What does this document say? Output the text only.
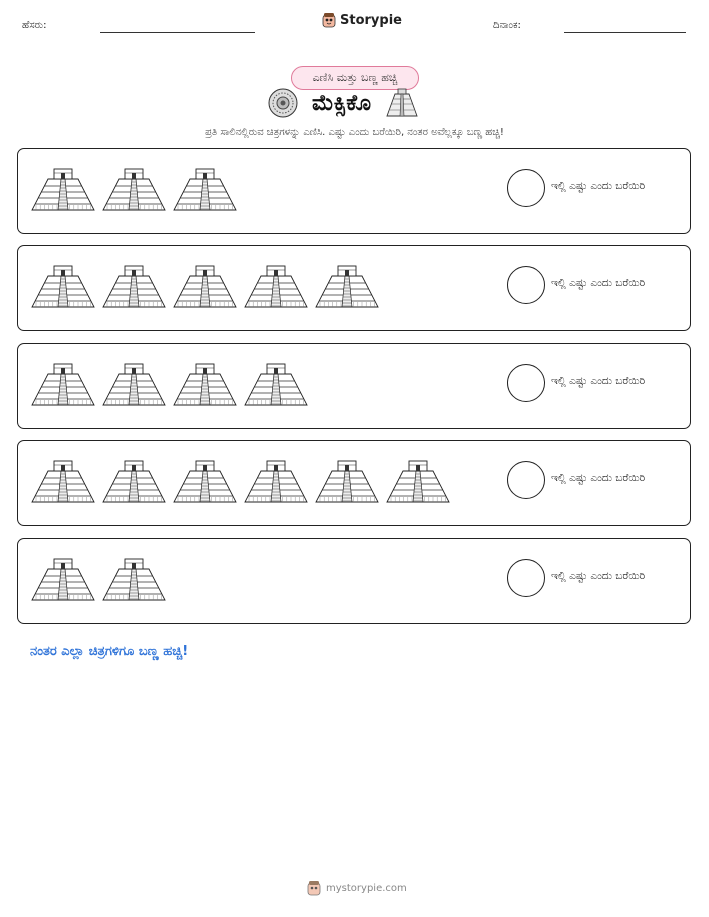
ಹೆಸರು:	Storypie	ದಿನಾಂಕ:
ಎಣಿಸಿ ಮತ್ತು ಬಣ್ಣ ಹಚ್ಚಿ
ಮೆಕ್ಸಿಕೊ
ಪ್ರತಿ ಸಾಲಿನಲ್ಲಿರುವ ಚಿತ್ರಗಳನ್ನು ಎಣಿಸಿ. ಎಷ್ಟು ಎಂದು ಬರೆಯಿರಿ, ನಂತರ ಅವೆಲ್ಲಕ್ಕೂ ಬಣ್ಣ ಹಚ್ಚಿ!
ಇಲ್ಲಿ ಎಷ್ಟು ಎಂದು ಬರೆಯಿರಿ
ಇಲ್ಲಿ ಎಷ್ಟು ಎಂದು ಬರೆಯಿರಿ
ಇಲ್ಲಿ ಎಷ್ಟು ಎಂದು ಬರೆಯಿರಿ
ಇಲ್ಲಿ ಎಷ್ಟು ಎಂದು ಬರೆಯಿರಿ
ಇಲ್ಲಿ ಎಷ್ಟು ಎಂದು ಬರೆಯಿರಿ
ನಂತರ ಎಲ್ಲಾ ಚಿತ್ರಗಳಿಗೂ ಬಣ್ಣ ಹಚ್ಚಿ!
mystorypie.com
